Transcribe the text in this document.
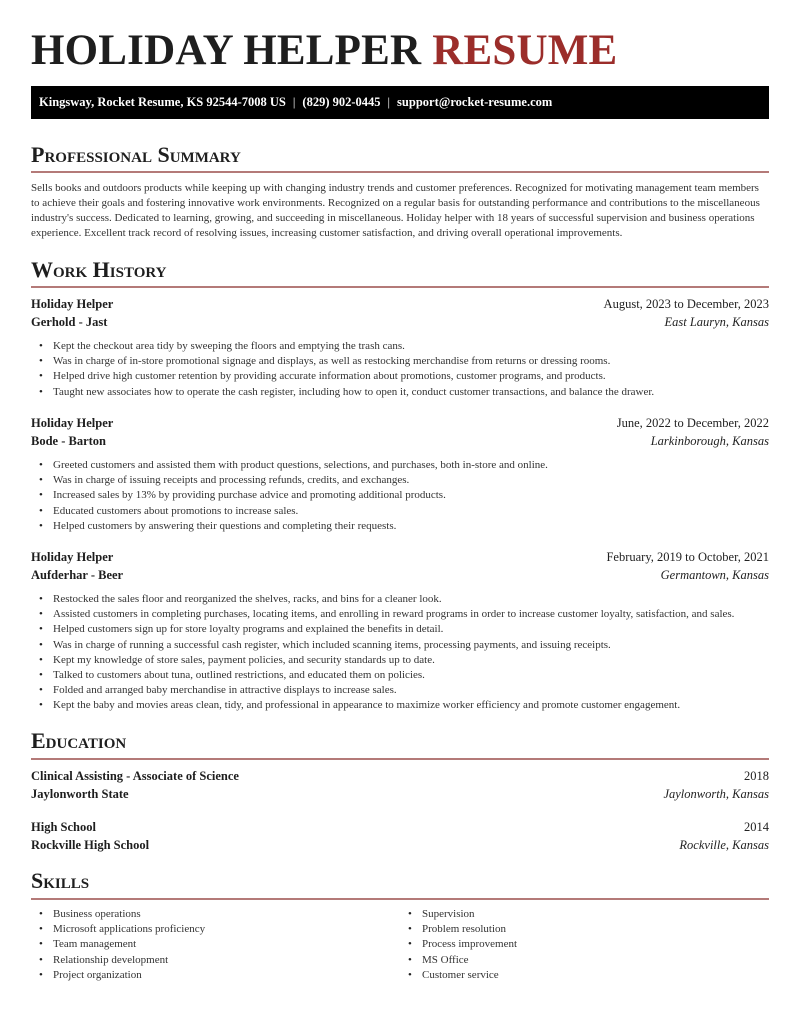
HOLIDAY HELPER RESUME
Kingsway, Rocket Resume, KS 92544-7008 US | (829) 902-0445 | support@rocket-resume.com
Professional Summary

Sells books and outdoors products while keeping up with changing industry trends and customer preferences. Recognized for motivating management team members to achieve their goals and fostering innovative work environments. Recognized on a regular basis for outstanding performance and contributions to the miscellaneous industry's success. Dedicated to learning, growing, and succeeding in miscellaneous. Holiday helper with 18 years of successful supervision and business operations experience. Excellent track record of resolving issues, increasing customer satisfaction, and driving overall operational improvements.

Work History
Holiday Helper	August, 2023 to December, 2023
Gerhold - Jast	East Lauryn, Kansas
• Kept the checkout area tidy by sweeping the floors and emptying the trash cans.
• Was in charge of in-store promotional signage and displays, as well as restocking merchandise from returns or dressing rooms.
• Helped drive high customer retention by providing accurate information about promotions, customer programs, and products.
• Taught new associates how to operate the cash register, including how to open it, conduct customer transactions, and balance the drawer.
Holiday Helper	June, 2022 to December, 2022
Bode - Barton	Larkinborough, Kansas
• Greeted customers and assisted them with product questions, selections, and purchases, both in-store and online.
• Was in charge of issuing receipts and processing refunds, credits, and exchanges.
• Increased sales by 13% by providing purchase advice and promoting additional products.
• Educated customers about promotions to increase sales.
• Helped customers by answering their questions and completing their requests.
Holiday Helper	February, 2019 to October, 2021
Aufderhar - Beer	Germantown, Kansas
• Restocked the sales floor and reorganized the shelves, racks, and bins for a cleaner look.
• Assisted customers in completing purchases, locating items, and enrolling in reward programs in order to increase customer loyalty, satisfaction, and sales.
• Helped customers sign up for store loyalty programs and explained the benefits in detail.
• Was in charge of running a successful cash register, which included scanning items, processing payments, and issuing receipts.
• Kept my knowledge of store sales, payment policies, and security standards up to date.
• Talked to customers about tuna, outlined restrictions, and educated them on policies.
• Folded and arranged baby merchandise in attractive displays to increase sales.
• Kept the baby and movies areas clean, tidy, and professional in appearance to maximize worker efficiency and promote customer engagement.
Education
Clinical Assisting - Associate of Science	2018
Jaylonworth State	Jaylonworth, Kansas
High School	2014
Rockville High School	Rockville, Kansas
Skills
• Business operations
• Microsoft applications proficiency
• Team management
• Relationship development
• Project organization
• Supervision
• Problem resolution
• Process improvement
• MS Office
• Customer service
